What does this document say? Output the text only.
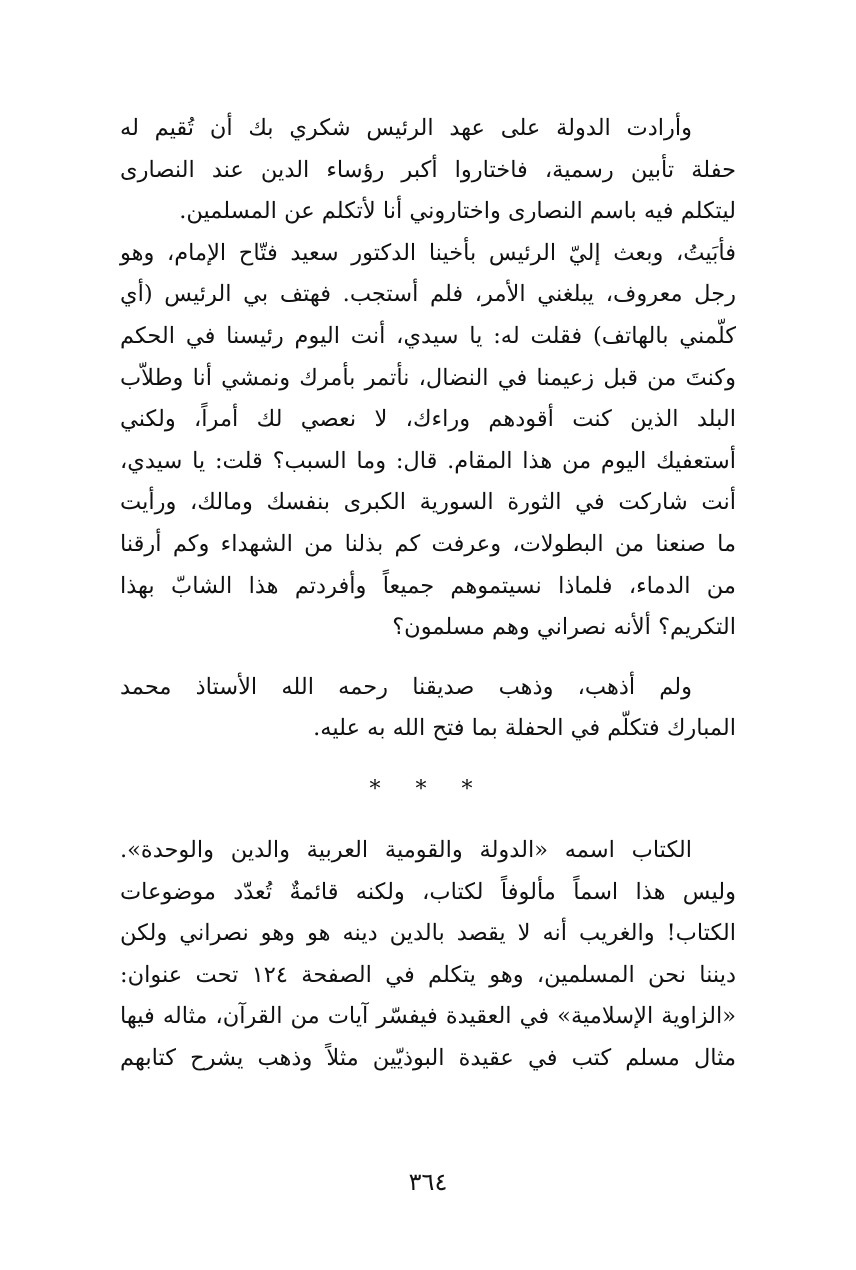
وأرادت الدولة على عهد الرئيس شكري بك أن تُقيم له
حفلة تأبين رسمية، فاختاروا أكبر رؤساء الدين عند النصارى
ليتكلم فيه باسم النصارى واختاروني أنا لأتكلم عن المسلمين.
فأبَيتُ، وبعث إليّ الرئيس بأخينا الدكتور سعيد فتّاح الإمام، وهو
رجل معروف، يبلغني الأمر، فلم أستجب. فهتف بي الرئيس (أي
كلّمني بالهاتف) فقلت له: يا سيدي، أنت اليوم رئيسنا في الحكم
وكنتَ من قبل زعيمنا في النضال، نأتمر بأمرك ونمشي أنا وطلاّب
البلد الذين كنت أقودهم وراءك، لا نعصي لك أمراً، ولكني
أستعفيك اليوم من هذا المقام. قال: وما السبب؟ قلت: يا سيدي،
أنت شاركت في الثورة السورية الكبرى بنفسك ومالك، ورأيت
ما صنعنا من البطولات، وعرفت كم بذلنا من الشهداء وكم أرقنا
من الدماء، فلماذا نسيتموهم جميعاً وأفردتم هذا الشابّ بهذا
التكريم؟ ألأنه نصراني وهم مسلمون؟
ولم أذهب، وذهب صديقنا رحمه الله الأستاذ محمد
المبارك فتكلّم في الحفلة بما فتح الله به عليه.
* * *
الكتاب اسمه «الدولة والقومية العربية والدين والوحدة».
وليس هذا اسماً مألوفاً لكتاب، ولكنه قائمةٌ تُعدّد موضوعات
الكتاب! والغريب أنه لا يقصد بالدين دينه هو وهو نصراني ولكن
ديننا نحن المسلمين، وهو يتكلم في الصفحة ١٢٤ تحت عنوان:
«الزاوية الإسلامية» في العقيدة فيفسّر آيات من القرآن، مثاله فيها
مثال مسلم كتب في عقيدة البوذيّين مثلاً وذهب يشرح كتابهم
٣٦٤
